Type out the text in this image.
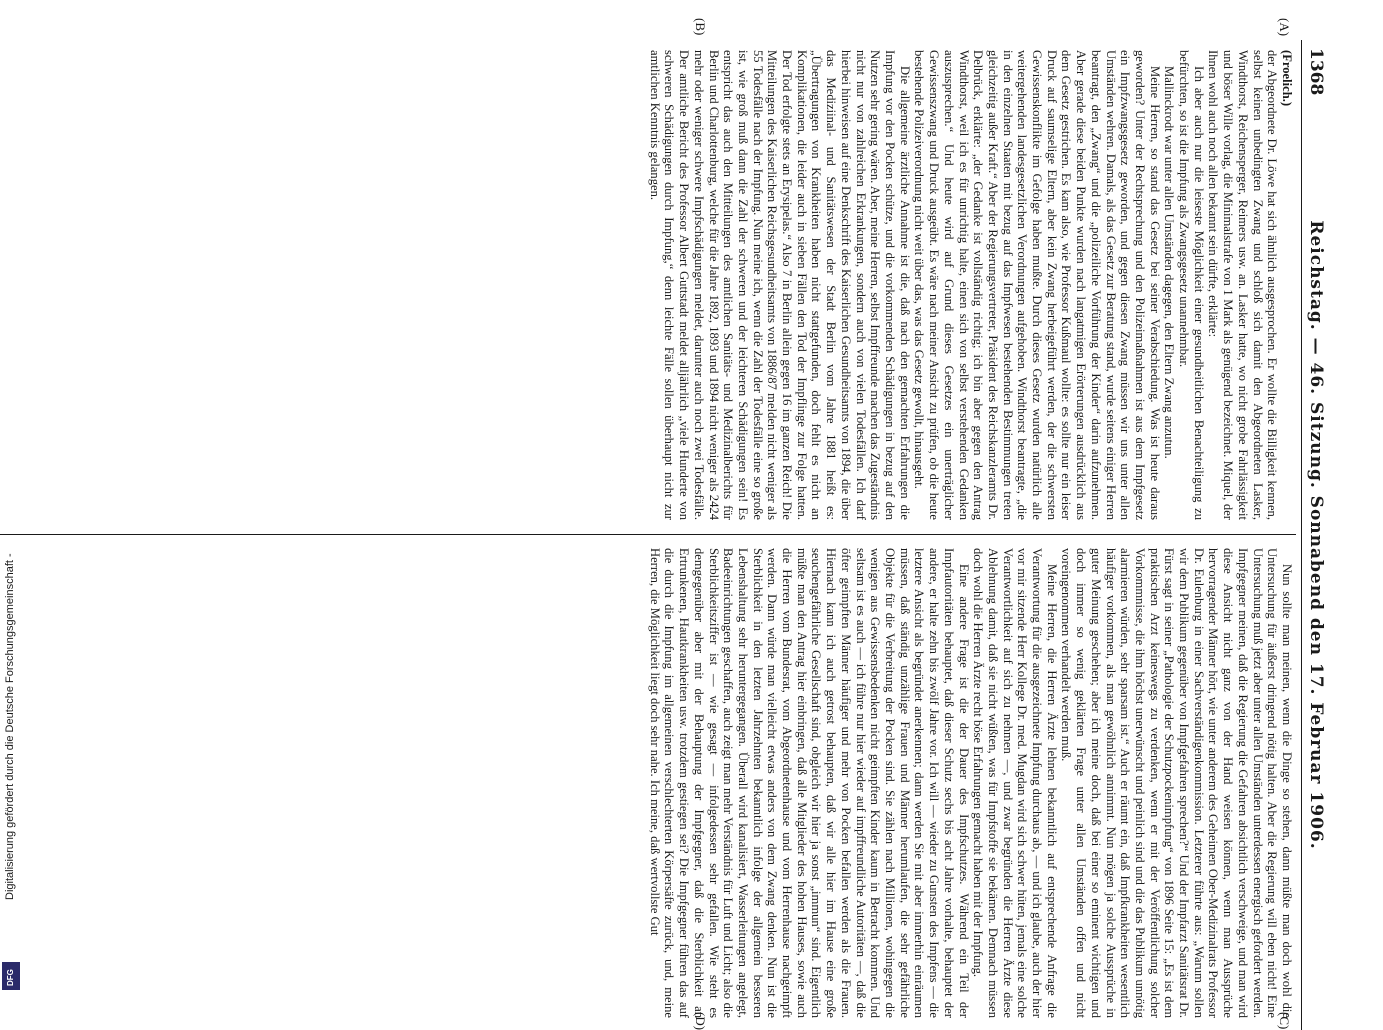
1368
Reichstag. — 46. Sitzung. Sonnabend den 17. Februar 1906.
(A)
(B)
(C)
(D)

(Froelich.)

der Abgeordnete Dr. Löwe hat sich ähnlich ausgesprochen. Er wollte die Billigkeit kennen, selbst keinen unbedingten Zwang und schloß sich damit den Abgeordneten Lasker, Windthorst, Reichensperger, Reimers usw. an. Lasker hatte, wo nicht grobe Fahrlässigkeit und böser Wille vorlag, die Minimalstrafe von 1 Mark als genügend bezeichnet. Miquel, der Ihnen wohl auch noch allen bekannt sein dürfte, erklärte:

Ich aber auch nur die leiseste Möglichkeit einer gesundheitlichen Benachteiligung zu befürchten, so ist die Impfung als Zwangsgesetz unannehmbar.

Mallinckrodt war unter allen Umständen dagegen, den Eltern Zwang anzutun.

Meine Herren, so stand das Gesetz bei seiner Verabschiedung. Was ist heute daraus geworden? Unter der Rechtsprechung und den Polizeimaßnahmen ist aus dem Impfgesetz ein Impfzwangsgesetz geworden, und gegen diesen Zwang müssen wir uns unter allen Umständen wehren. Damals, als das Gesetz zur Beratung stand, wurde seitens einiger Herren beantragt, den „Zwang“ und die „polizeiliche Vorführung der Kinder“ darin aufzunehmen. Aber gerade diese beiden Punkte wurden nach langatmigen Erörterungen ausdrücklich aus dem Gesetz gestrichen. Es kam also, wie Professor Kußmaul wollte: es sollte nur ein leiser Druck auf saumselige Eltern, aber kein Zwang herbeigeführt werden, der die schwersten Gewissenskonflikte im Gefolge haben mußte. Durch dieses Gesetz wurden natürlich alle weitergehenden landesgesetzlichen Verordnungen aufgehoben. Windthorst beantragte, „die in den einzelnen Staaten mit bezug auf das Impfwesen bestehenden Bestimmungen treten gleichzeitig außer Kraft.“ Aber der Regierungsvertreter, Präsident des Reichskanzleramts Dr. Delbrück, erklärte: „der Gedanke ist vollständig richtig; ich bin aber gegen den Antrag Windthorst, weil ich es für unrichtig halte, einen sich von selbst verstehenden Gedanken auszusprechen.“ Und heute wird auf Grund dieses Gesetzes ein unerträglicher Gewissenszwang und Druck ausgeübt. Es wäre nach meiner Ansicht zu prüfen, ob die heute bestehende Polizeiverordnung nicht weit über das, was das Gesetz gewollt, hinausgeht.

Die allgemeine ärztliche Annahme ist die, daß nach den gemachten Erfahrungen die Impfung vor den Pocken schütze, und die vorkommenden Schädigungen in bezug auf den Nutzen sehr gering wären. Aber, meine Herren, selbst Impffreunde machen das Zugeständnis nicht nur von zahlreichen Erkrankungen, sondern auch von vielen Todesfällen. Ich darf hierbei hinweisen auf eine Denkschrift des Kaiserlichen Gesundheitsamts von 1894, die über das Mediziinal- und Sanitätswesen der Stadt Berlin vom Jahre 1881 heißt es: „Übertragungen von Krankheiten haben nicht stattgefunden, doch fehlt es nicht an Komplikationen, die leider auch in sieben Fällen den Tod der Impflinge zur Folge hatten. Der Tod erfolgte stets an Erysipelas.“ Also 7 in Berlin allein gegen 16 im ganzen Reich! Die Mitteilungen des Kaiserlichen Reichsgesundheitsamts von 1886/87 melden nicht weniger als 55 Todesfälle nach der Impfung. Nun meine ich, wenn die Zahl der Todesfälle eine so große ist, wie groß muß dann die Zahl der schweren und der leichteren Schädigungen sein! Es entspricht das auch den Mitteilungen des amtlichen Sanitäts- und Medizinalberichts für Berlin und Charlottenburg, welche für die Jahre 1892, 1893 und 1894 nicht weniger als 2424 mehr oder weniger schwere Impfschädigungen meldet, darunter auch noch zwei Todesfälle. Der amtliche Bericht des Professor Albert Guttstadt meldet alljährlich „viele Hunderte von schweren Schädigungen durch Impfung,“ denn leichte Fälle sollen überhaupt nicht zur amtlichen Kenntnis gelangen.

Nun sollte man meinen, wenn die Dinge so stehen, dann müßte man doch wohl die Untersuchung für äußerst dringend nötig halten. Aber die Regierung will eben nicht! Eine Untersuchung muß jetzt aber unter allen Umständen unterdessen energisch gefordert werden. Impfgegner meinen, daß die Regierung die Gefahren absichtlich verschweige, und man wird diese Ansicht nicht ganz von der Hand weisen können, wenn man Aussprüche hervorragender Männer hört, wie unter anderem des Geheimen Ober-Medizinalrats Professor Dr. Eulenburg in einer Sachverständigenkommission. Letzterer führte aus: „Warum sollen wir dem Publikum gegenüber von Impfgefahren sprechen?“ Und der Impfarzt Sanitätsrat Dr. Fürst sagt in seiner „Pathologie der Schutzpockenimpfung“ von 1896 Seite 15: „Es ist dem praktischen Arzt keineswegs zu verdenken, wenn er mit der Veröffentlichung solcher Vorkommnisse, die ihm höchst unerwünscht und peinlich sind und die das Publikum unnötig alarmieren würden, sehr sparsam ist.“ Auch er räumt ein, daß Impfkrankheiten wesentlich häufiger vorkommen, als man gewöhnlich annimmt. Nun mögen ja solche Aussprüche in guter Meinung geschehen; aber ich meine doch, daß bei einer so eminent wichtigen und doch immer so wenig geklärten Frage unter allen Umständen offen und nicht voreingenommen verhandelt werden muß.

Meine Herren, die Herren Ärzte lehnen bekanntlich auf entsprechende Anfrage die Verantwortung für die ausgezeichnete Impfung durchaus ab, — und ich glaube, auch der hier vor mir sitzende Herr Kollege Dr. med. Mugdan wird sich schwer hüten, jemals eine solche Verantwortlichkeit auf sich zu nehmen —, und zwar begründen die Herren Ärzte diese Ablehnung damit, daß sie nicht wüßten, was für Impfstoffe sie bekämen. Demnach müssen doch wohl die Herren Ärzte recht böse Erfahrungen gemacht haben mit der Impfung.

Eine andere Frage ist die der Dauer des Impfschutzes. Während ein Teil der Impfautoritäten behauptet, daß dieser Schutz sechs bis acht Jahre vorhalte, behauptet der andere, er halte zehn bis zwölf Jahre vor. Ich will — wieder zu Gunsten des Impfens — die letztere Ansicht als begründet anerkennen; dann werden Sie mit aber immerhin einräumen müssen, daß ständig unzählige Frauen und Männer herumlaufen, die sehr gefährliche Objekte für die Verbreitung der Pocken sind. Sie zählen nach Millionen, wohingegen die wenigen aus Gewissensbedenken nicht geimpften Kinder kaum in Betracht kommen. Und seltsam ist es auch — ich führe nur hier wieder auf impffreundliche Autoritäten —, daß die öfter geimpften Männer häufiger und mehr von Pocken befallen werden als die Frauen. Hiernach kann ich auch getrost behaupten, daß wir alle hier im Hause eine große seuchengefährliche Gesellschaft sind, obgleich wir hier ja sonst „immun“ sind. Eigentlich müßte man den Antrag hier einbringen, daß alle Mitglieder des hohen Hauses, sowie auch die Herren vom Bundesrat, vom Abgeordnetenhause und vom Herrenhause nachgeimpft werden. Dann würde man vielleicht etwas anders von dem Zwang denken. Nun ist die Sterblichkeit in den letzten Jahrzehnten bekanntlich infolge der allgemein besseren Lebenshaltung sehr heruntergegangen. Überall wird kanalisiert, Wasserleitungen angelegt, Badeeinrichtungen geschaffen, auch zeigt man mehr Verständnis für Luft und Licht; also die Sterblichkeitsziffer ist — wie gesagt — infolgedessen sehr gefallen. Wie steht es demgegenüber aber mit der Behauptung der Impfgegner, daß die Sterblichkeit an Ertrunkenen, Hautkrankheiten usw. trotzdem gestiegen sei? Die Impfgegner führen das auf die durch die Impfung im allgemeinen verschlechterten Körpersäfte zurück, und, meine Herren, die Möglichkeit liegt doch sehr nahe. Ich meine, daß wertvollste Gut

Digitalisierung gefördert durch die Deutsche Forschungsgemeinschaft -
DFG
